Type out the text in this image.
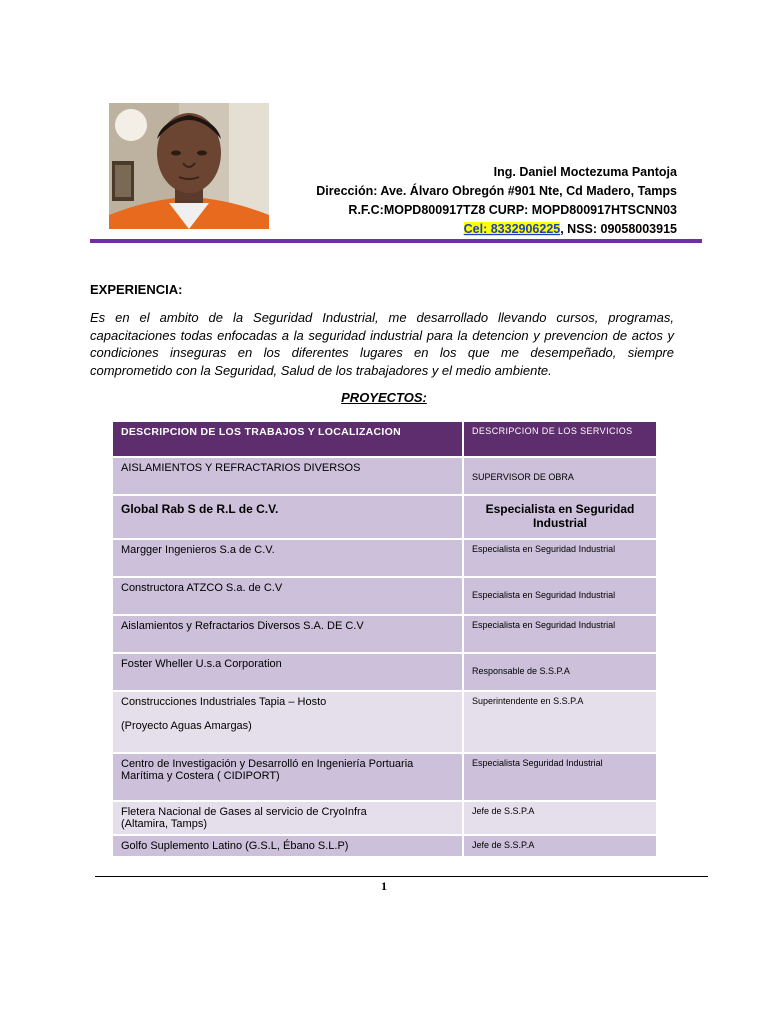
Ing. Daniel Moctezuma Pantoja
Dirección: Ave. Álvaro Obregón #901 Nte, Cd Madero, Tamps
R.F.C:MOPD800917TZ8 CURP: MOPD800917HTSCNN03
Cel: 8332906225, NSS: 09058003915
EXPERIENCIA:
Es en el ambito de la Seguridad Industrial, me desarrollado llevando cursos, programas, capacitaciones todas enfocadas a la seguridad industrial para la detencion y prevencion de actos y condiciones inseguras en los diferentes lugares en los que me desempeñado, siempre comprometido con la Seguridad, Salud de los trabajadores y el medio ambiente.
PROYECTOS:
DESCRIPCION DE LOS TRABAJOS Y LOCALIZACION	DESCRIPCION DE LOS SERVICIOS
AISLAMIENTOS Y REFRACTARIOS DIVERSOS	SUPERVISOR DE OBRA
Global Rab S de R.L de C.V.	Especialista en Seguridad Industrial
Margger Ingenieros S.a de C.V.	Especialista en Seguridad Industrial
Constructora ATZCO S.a. de C.V	Especialista en Seguridad Industrial
Aislamientos y Refractarios Diversos S.A. DE C.V	Especialista en Seguridad Industrial
Foster Wheller U.s.a Corporation	Responsable de S.S.P.A

Construcciones Industriales Tapia – Hosto
(Proyecto Aguas Amargas)	Superintendente en S.S.P.A
Centro de Investigación y Desarrolló en Ingeniería Portuaria Marítima y Costera ( CIDIPORT)	Especialista Seguridad Industrial

Fletera Nacional de Gases al servicio de CryoInfra
(Altamira, Tamps)	Jefe de S.S.P.A
Golfo Suplemento Latino (G.S.L, Ébano S.L.P)	Jefe de S.S.P.A
1
